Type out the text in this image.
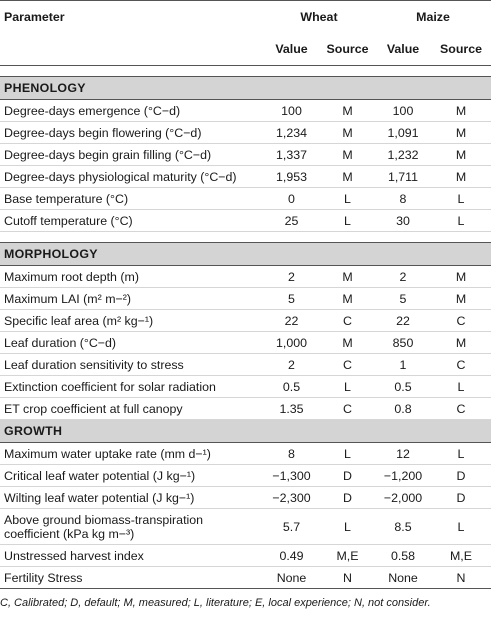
Parameter	Wheat		Maize	
	Value	Source	Value	Source

PHENOLOGY				
Degree-days emergence (°C−d)	100	M	100	M
Degree-days begin flowering (°C−d)	1,234	M	1,091	M
Degree-days begin grain filling (°C−d)	1,337	M	1,232	M
Degree-days physiological maturity (°C−d)	1,953	M	1,711	M
Base temperature (°C)	0	L	8	L
Cutoff temperature (°C)	25	L	30	L

MORPHOLOGY				
Maximum root depth (m)	2	M	2	M
Maximum LAI (m² m−²)	5	M	5	M
Specific leaf area (m² kg−¹)	22	C	22	C
Leaf duration (°C−d)	1,000	M	850	M
Leaf duration sensitivity to stress	2	C	1	C
Extinction coefficient for solar radiation	0.5	L	0.5	L
ET crop coefficient at full canopy	1.35	C	0.8	C
GROWTH				
Maximum water uptake rate (mm d−¹)	8	L	12	L
Critical leaf water potential (J kg−¹)	−1,300	D	−1,200	D
Wilting leaf water potential (J kg−¹)	−2,300	D	−2,000	D
Above ground biomass-transpiration coefficient (kPa kg m−³)	5.7	L	8.5	L
Unstressed harvest index	0.49	M,E	0.58	M,E
Fertility Stress	None	N	None	N
C, Calibrated; D, default; M, measured; L, literature; E, local experience; N, not consider.
